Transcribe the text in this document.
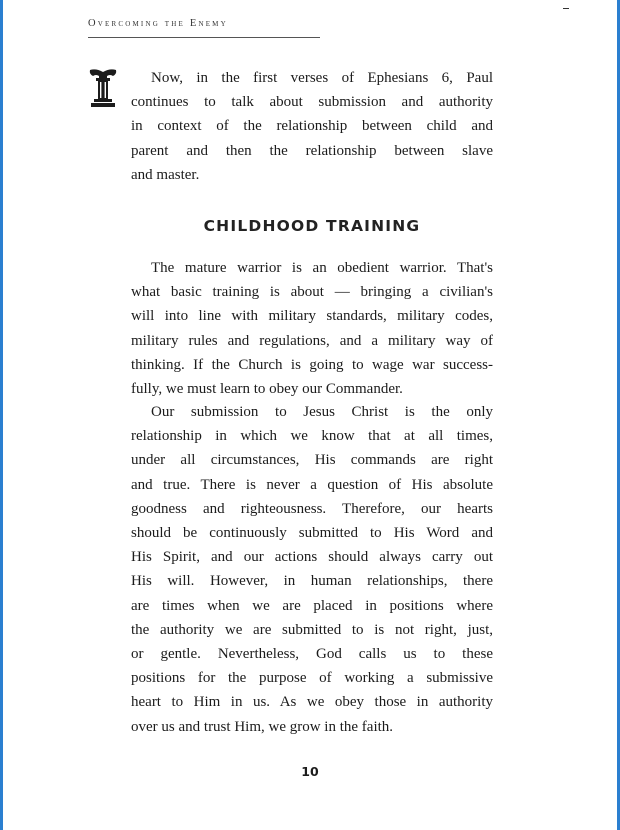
Overcoming the Enemy
Now, in the first verses of Ephesians 6, Paul
continues to talk about submission and authority
in context of the relationship between child and
parent and then the relationship between slave
and master.
CHILDHOOD TRAINING
The mature warrior is an obedient warrior. That's
what basic training is about — bringing a civilian's
will into line with military standards, military codes,
military rules and regulations, and a military way of
thinking. If the Church is going to wage war success-
fully, we must learn to obey our Commander.
Our submission to Jesus Christ is the only
relationship in which we know that at all times,
under all circumstances, His commands are right
and true. There is never a question of His absolute
goodness and righteousness. Therefore, our hearts
should be continuously submitted to His Word and
His Spirit, and our actions should always carry out
His will. However, in human relationships, there
are times when we are placed in positions where
the authority we are submitted to is not right, just,
or gentle. Nevertheless, God calls us to these
positions for the purpose of working a submissive
heart to Him in us. As we obey those in authority
over us and trust Him, we grow in the faith.
10
